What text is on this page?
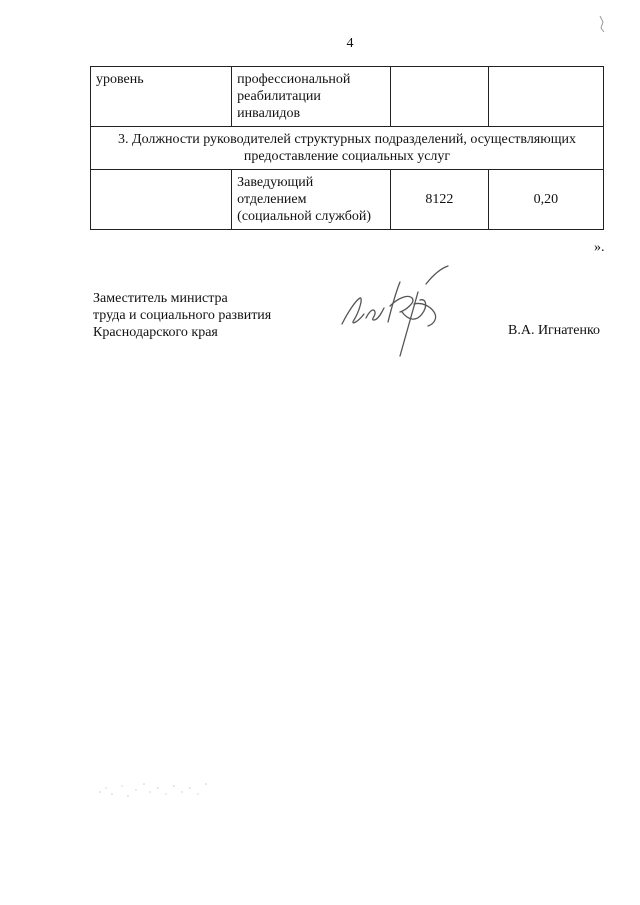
4
уровень	профессиональной
реабилитации
инвалидов		
3. Должности руководителей структурных подразделений, осуществляющих
предоставление социальных услуг			
	Заведующий
отделением
(социальной службой)	8122	0,20
».
Заместитель министра
труда и социального развития
Краснодарского края	В.А. Игнатенко
